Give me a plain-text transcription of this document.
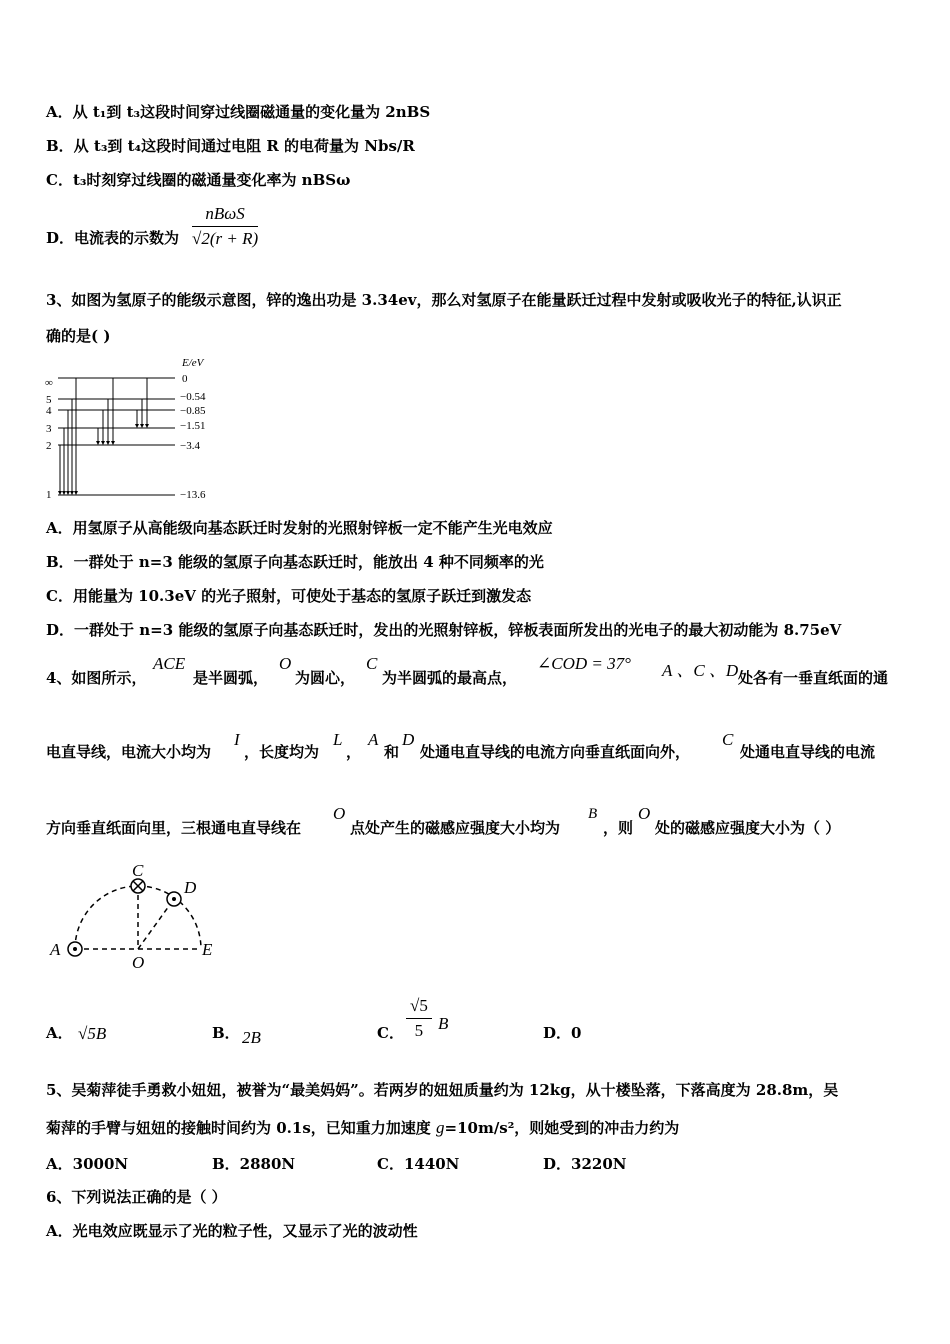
A．从 t₁到 t₃这段时间穿过线圈磁通量的变化量为 2nBS
B．从 t₃到 t₄这段时间通过电阻 R 的电荷量为 Nbs/R
C．t₃时刻穿过线圈的磁通量变化率为 nBSω
D．电流表的示数为 $\frac{\text{nBωS}}{√2(r + R)}$
3、如图为氢原子的能级示意图，锌的逸出功是 3.34ev，那么对氢原子在能量跃迁过程中发射或吸收光子的特征,认识正
确的是( )
E/eV
∞	0
5	−0.54
4	−0.85
3	−1.51
2	−3.4
1	−13.6
A．用氢原子从高能级向基态跃迁时发射的光照射锌板一定不能产生光电效应
B．一群处于 n=3 能级的氢原子向基态跃迁时，能放出 4 种不同频率的光
C．用能量为 10.3eV 的光子照射，可使处于基态的氢原子跃迁到激发态
D．一群处于 n=3 能级的氢原子向基态跃迁时，发出的光照射锌板，锌板表面所发出的光电子的最大初动能为 8.75eV
4、如图所示，
ACE
是半圆弧，
O
为圆心，
C
为半圆弧的最高点，
∠COD = 37° A 、C 、D 处各有一垂直纸面的通
电直导线，电流大小均为
I
，长度均为
L
，
A
和
D
处通电直导线的电流方向垂直纸面向外，
C
处通电直导线的电流
方向垂直纸面向里，三根通电直导线在
O
点处产生的磁感应强度大小均为
B
，则
O
处的磁感应强度大小为（ ）
A
C
D
O
E
A． √5B	B． 2B	C． $\frac{√5}{5}$ B	D．0
5、吴菊萍徒手勇救小妞妞，被誉为“最美妈妈”。若两岁的妞妞质量约为 12kg，从十楼坠落，下落高度为 28.8m，吴
菊萍的手臂与妞妞的接触时间约为 0.1s，已知重力加速度 g=10m/s²，则她受到的冲击力约为
A．3000N	B．2880N	C．1440N	D．3220N
6、下列说法正确的是（ ）
A．光电效应既显示了光的粒子性，又显示了光的波动性
